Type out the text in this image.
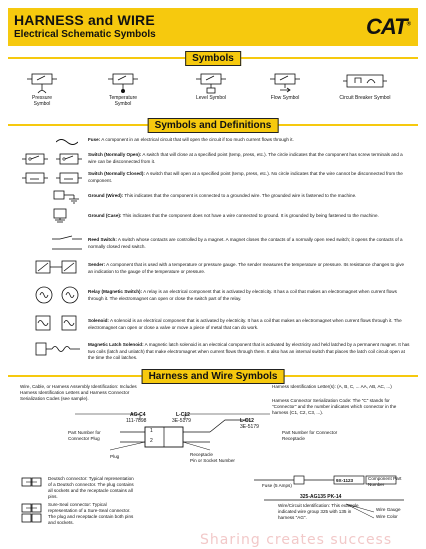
HARNESS and WIRE
Electrical Schematic Symbols	CAT®
Symbols
Pressure Symbol
Temperature Symbol
Level Symbol	Flow Symbol	Circuit Breaker Symbol
Symbols and Definitions
Fuse: A component in an electrical circuit that will open the circuit if too much current flows through it.
Switch (Normally Open): A switch that will close at a specified point (temp, press, etc.). The circle indicates that the component has screw terminals and a wire can be disconnected from it.
Switch (Normally Closed): A switch that will open at a specified point (temp, press, etc.). No circle indicates that the wire cannot be disconnected from the component.
Ground (Wired): This indicates that the component is connected to a grounded wire. The grounded wire is fastened to the machine.
Ground (Case): This indicates that the component does not have a wire connected to ground. It is grounded by being fastened to the machine.
Reed Switch: A switch whose contacts are controlled by a magnet. A magnet closes the contacts of a normally open reed switch; it opens the contacts of a normally closed reed switch.
Sender: A component that is used with a temperature or pressure gauge. The sender measures the temperature or pressure. Its resistance changes to give an indication to the gauge of the temperature or pressure.
Relay (Magnetic Switch): A relay is an electrical component that is activated by electricity. It has a coil that makes an electromagnet when current flows through it. The electromagnet can open or close the switch part of the relay.
Solenoid: A solenoid is an electrical component that is activated by electricity. It has a coil that makes an electromagnet when current flows through it. The electromagnet can open or close a valve or move a piece of metal that can do work.
Magnetic Latch Solenoid: A magnetic latch solenoid is an electrical component that is activated by electricity and held latched by a permanent magnet. It has two coils (latch and unlatch) that make electromagnet when current flows through them. It also has an internal switch that places the latch coil circuit open at the time the coil latches.
Harness and Wire Symbols
Wire, Cable, or Harness Assembly Identification: Includes Harness Identification Letters and Harness Connector Serialization Codes (see sample).
Harness Identification Letter(s): (A, B, C, ... AA, AB, AC, ...)
Harness Connector Serialization Code: The "C" stands for "Connector" and the number indicates which connector in the harness (C1, C2, C3, ...).
AG-C4
111-7898
L-C12
3E-5179	L-C12
3E-5179
1
2
Part Number for Connector Plug
Part Number for Connector Receptacle
Plug	Receptacle
Pin or Socket Number
Deutsch connector: Typical representation of a Deutsch connector. The plug contains all sockets and the receptacle contains all pins.
Sure-Seal connector: Typical representation of a Sure-Seal connector. The plug and receptacle contain both pins and sockets.
Fuse (5 Amps)
9X-1123	Component Part Number
325-AG135 PK-14
Wire/Circuit Identification: This example indicated wire group 325 with 135 in harness "AG".
Wire Gauge
Wire Color
Sharing creates success
